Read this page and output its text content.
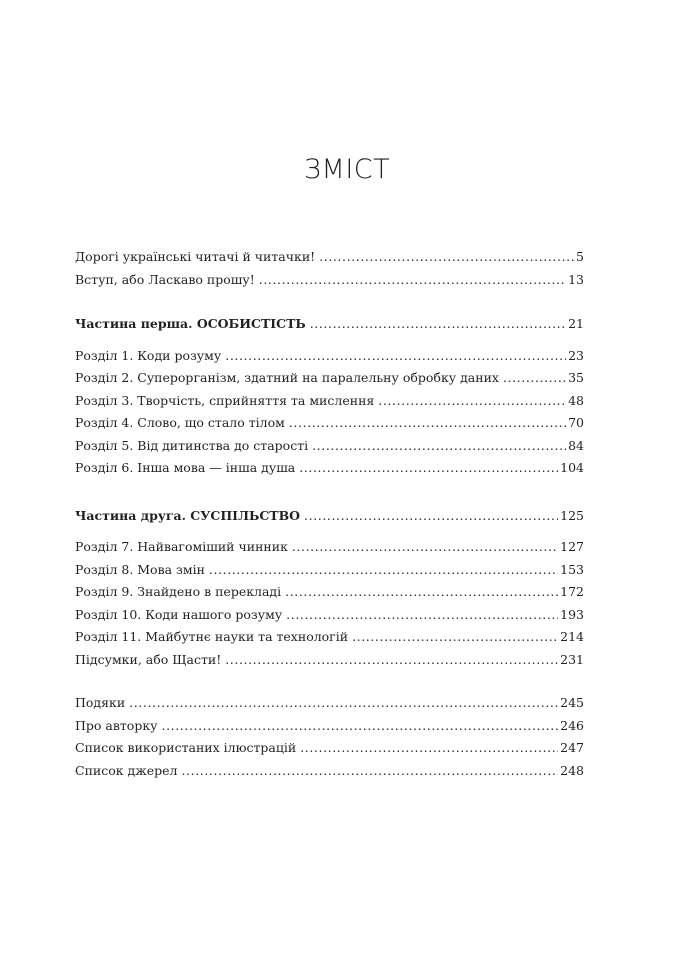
ЗМІСТ
Дорогі українські читачі й читачки! .....	5
Вступ, або Ласкаво прошу! .....	13
Частина перша. ОСОБИСТІСТЬ .....	21
Розділ 1. Коди розуму .....	23
Розділ 2. Суперорганізм, здатний на паралельну обробку даних .....	35
Розділ 3. Творчість, сприйняття та мислення .....	48
Розділ 4. Слово, що стало тілом .....	70
Розділ 5. Від дитинства до старості .....	84
Розділ 6. Інша мова — інша душа .....	104
Частина друга. СУСПІЛЬСТВО .....	125
Розділ 7. Найвагоміший чинник .....	127
Розділ 8. Мова змін .....	153
Розділ 9. Знайдено в перекладі .....	172
Розділ 10. Коди нашого розуму .....	193
Розділ 11. Майбутнє науки та технологій .....	214
Підсумки, або Щасти! .....	231
Подяки .....	245
Про авторку .....	246
Список використаних ілюстрацій .....	247
Список джерел .....	248
